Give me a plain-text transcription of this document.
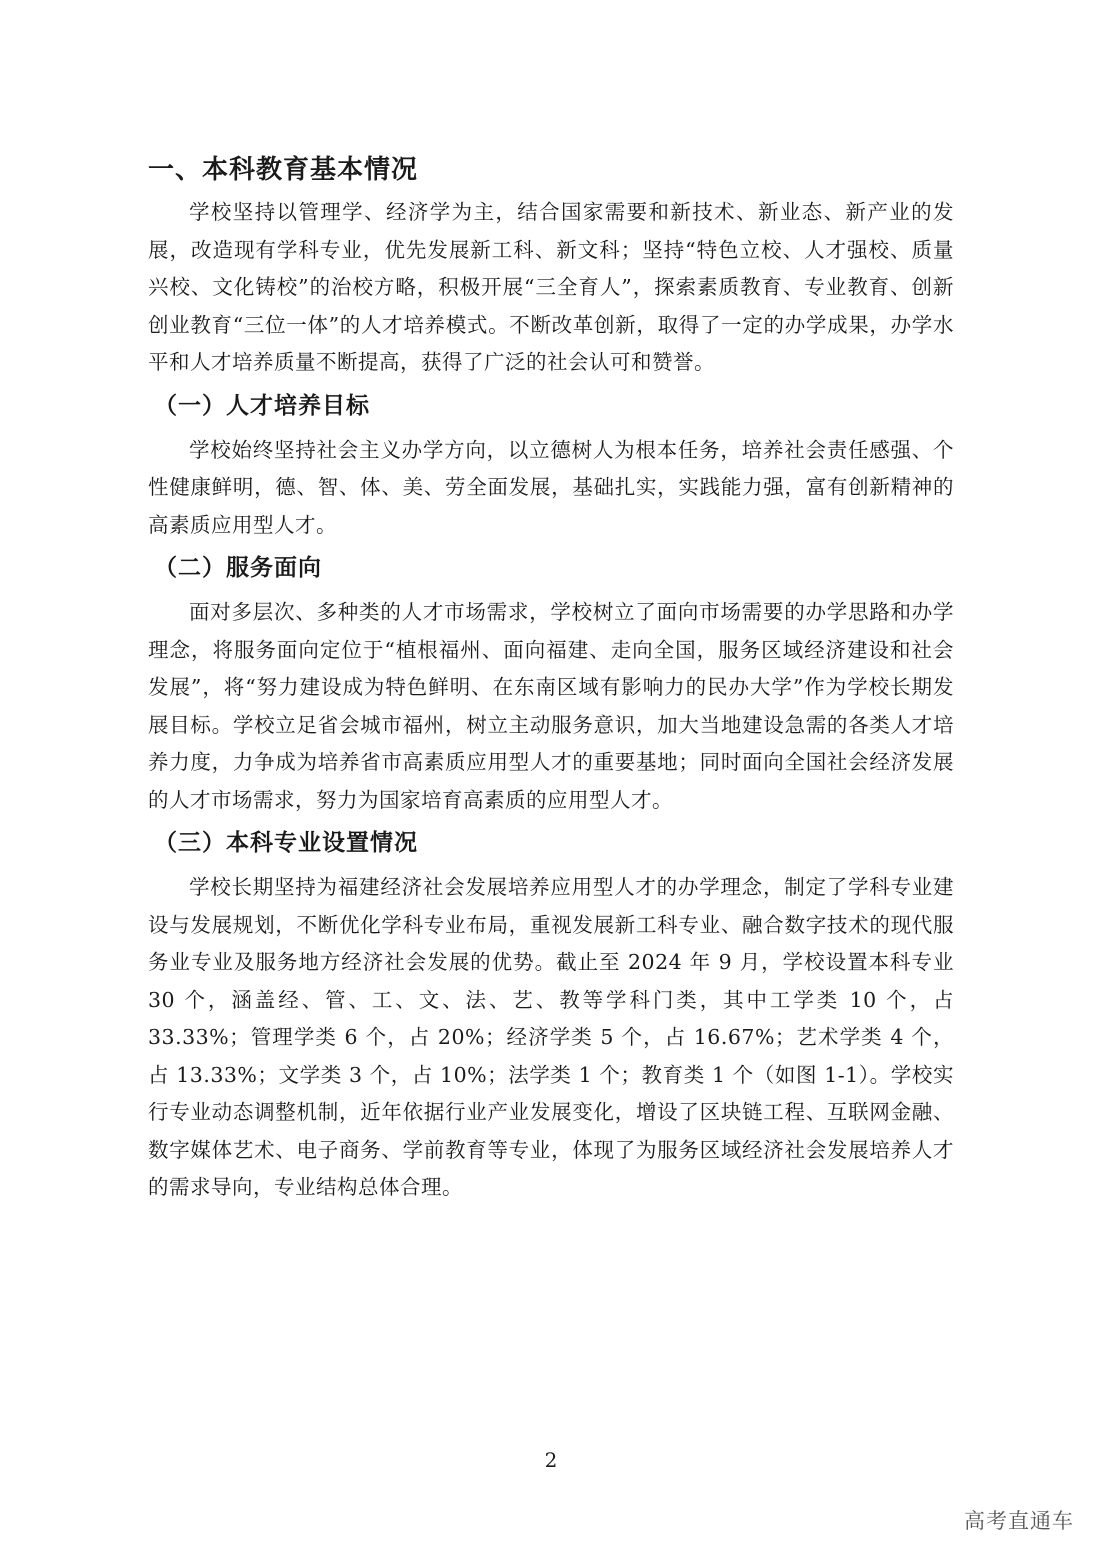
一、本科教育基本情况

学校坚持以管理学、经济学为主，结合国家需要和新技术、新业态、新产业的发展，改造现有学科专业，优先发展新工科、新文科；坚持“特色立校、人才强校、质量兴校、文化铸校”的治校方略，积极开展“三全育人”，探索素质教育、专业教育、创新创业教育“三位一体”的人才培养模式。不断改革创新，取得了一定的办学成果，办学水平和人才培养质量不断提高，获得了广泛的社会认可和赞誉。

（一）人才培养目标

学校始终坚持社会主义办学方向，以立德树人为根本任务，培养社会责任感强、个性健康鲜明，德、智、体、美、劳全面发展，基础扎实，实践能力强，富有创新精神的高素质应用型人才。

（二）服务面向

面对多层次、多种类的人才市场需求，学校树立了面向市场需要的办学思路和办学理念，将服务面向定位于“植根福州、面向福建、走向全国，服务区域经济建设和社会发展”，将“努力建设成为特色鲜明、在东南区域有影响力的民办大学”作为学校长期发展目标。学校立足省会城市福州，树立主动服务意识，加大当地建设急需的各类人才培养力度，力争成为培养省市高素质应用型人才的重要基地；同时面向全国社会经济发展的人才市场需求，努力为国家培育高素质的应用型人才。

（三）本科专业设置情况

学校长期坚持为福建经济社会发展培养应用型人才的办学理念，制定了学科专业建设与发展规划，不断优化学科专业布局，重视发展新工科专业、融合数字技术的现代服务业专业及服务地方经济社会发展的优势。截止至 2024 年 9 月，学校设置本科专业 30 个，涵盖经、管、工、文、法、艺、教等学科门类，其中工学类 10 个，占 33.33%；管理学类 6 个，占 20%；经济学类 5 个，占 16.67%；艺术学类 4 个，占 13.33%；文学类 3 个，占 10%；法学类 1 个；教育类 1 个（如图 1-1）。学校实行专业动态调整机制，近年依据行业产业发展变化，增设了区块链工程、互联网金融、数字媒体艺术、电子商务、学前教育等专业，体现了为服务区域经济社会发展培养人才的需求导向，专业结构总体合理。

2
高考直通车
